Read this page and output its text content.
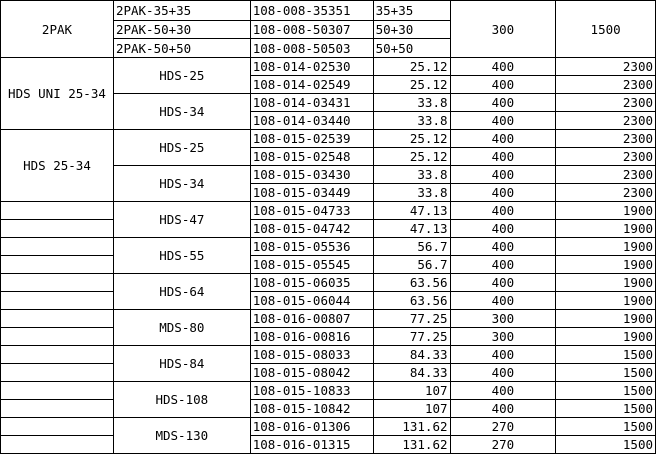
2PAK	2PAK-35+35	108-008-35351	35+35	300	1500
	2PAK-50+30	108-008-50307	50+30		
	2PAK-50+50	108-008-50503	50+50		
HDS UNI 25-34	HDS-25	108-014-02530	25.12	400	2300
		108-014-02549	25.12	400	2300
	HDS-34	108-014-03431	33.8	400	2300
		108-014-03440	33.8	400	2300
HDS 25-34	HDS-25	108-015-02539	25.12	400	2300
		108-015-02548	25.12	400	2300
	HDS-34	108-015-03430	33.8	400	2300
		108-015-03449	33.8	400	2300
	HDS-47	108-015-04733	47.13	400	1900
		108-015-04742	47.13	400	1900
	HDS-55	108-015-05536	56.7	400	1900
		108-015-05545	56.7	400	1900
	HDS-64	108-015-06035	63.56	400	1900
		108-015-06044	63.56	400	1900
	MDS-80	108-016-00807	77.25	300	1900
		108-016-00816	77.25	300	1900
	HDS-84	108-015-08033	84.33	400	1500
		108-015-08042	84.33	400	1500
	HDS-108	108-015-10833	107	400	1500
		108-015-10842	107	400	1500
	MDS-130	108-016-01306	131.62	270	1500
		108-016-01315	131.62	270	1500
